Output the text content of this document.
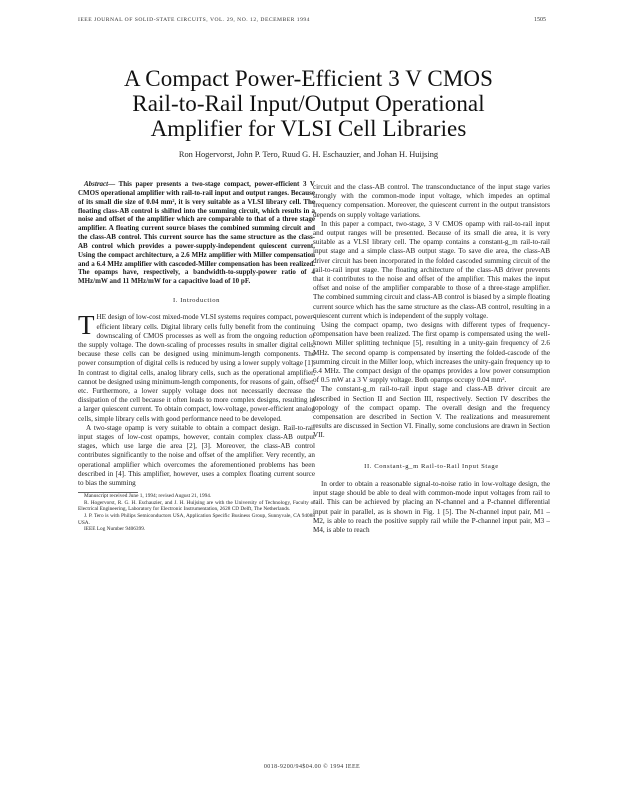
IEEE JOURNAL OF SOLID-STATE CIRCUITS, VOL. 29, NO. 12, DECEMBER 1994	1505
A Compact Power-Efficient 3 V CMOS
Rail-to-Rail Input/Output Operational
Amplifier for VLSI Cell Libraries
Ron Hogervorst, John P. Tero, Ruud G. H. Eschauzier, and Johan H. Huijsing

Abstract— This paper presents a two-stage compact, power-efficient 3 V CMOS operational amplifier with rail-to-rail input and output ranges. Because of its small die size of 0.04 mm², it is very suitable as a VLSI library cell. The floating class-AB control is shifted into the summing circuit, which results in a noise and offset of the amplifier which are comparable to that of a three stage amplifier. A floating current source biases the combined summing circuit and the class-AB control. This current source has the same structure as the class-AB control which provides a power-supply-independent quiescent current. Using the compact architecture, a 2.6 MHz amplifier with Miller compensation and a 6.4 MHz amplifier with cascoded-Miller compensation has been realized. The opamps have, respectively, a bandwidth-to-supply-power ratio of 4 MHz/mW and 11 MHz/mW for a capacitive load of 10 pF.

I. Introduction

THE design of low-cost mixed-mode VLSI systems requires compact, power-efficient library cells. Digital library cells fully benefit from the continuing downscaling of CMOS processes as well as from the ongoing reduction of the supply voltage. The down-scaling of processes results in smaller digital cells, because these cells can be designed using minimum-length components. The power consumption of digital cells is reduced by using a lower supply voltage [1]. In contrast to digital cells, analog library cells, such as the operational amplifier, cannot be designed using minimum-length components, for reasons of gain, offset, etc. Furthermore, a lower supply voltage does not necessarily decrease the dissipation of the cell because it often leads to more complex designs, resulting in a larger quiescent current. To obtain compact, low-voltage, power-efficient analog cells, simple library cells with good performance need to be developed.

A two-stage opamp is very suitable to obtain a compact design. Rail-to-rail input stages of low-cost opamps, however, contain complex class-AB output stages, which use large die area [2], [3]. Moreover, the class-AB control contributes significantly to the noise and offset of the amplifier. Very recently, an operational amplifier which overcomes the aforementioned problems has been described in [4]. This amplifier, however, uses a complex floating current source to bias the summing

Manuscript received June 1, 1994; revised August 21, 1994.

R. Hogervorst, R. G. H. Eschauzier, and J. H. Huijsing are with the University of Technology, Faculty of Electrical Engineering, Laboratory for Electronic Instrumentation, 2628 CD Delft, The Netherlands.

J. P. Tero is with Philips Semiconductors USA, Application Specific Business Group, Sunnyvale, CA 94088 USA.

IEEE Log Number 9406399.

circuit and the class-AB control. The transconductance of the input stage varies strongly with the common-mode input voltage, which impedes an optimal frequency compensation. Moreover, the quiescent current in the output transistors depends on supply voltage variations.

In this paper a compact, two-stage, 3 V CMOS opamp with rail-to-rail input and output ranges will be presented. Because of its small die area, it is very suitable as a VLSI library cell. The opamp contains a constant-g_m rail-to-rail input stage and a simple class-AB output stage. To save die area, the class-AB driver circuit has been incorporated in the folded cascoded summing circuit of the rail-to-rail input stage. The floating architecture of the class-AB driver prevents that it contributes to the noise and offset of the amplifier. This makes the input offset and noise of the amplifier comparable to those of a three-stage amplifier. The combined summing circuit and class-AB control is biased by a simple floating current source which has the same structure as the class-AB control, resulting in a quiescent current which is independent of the supply voltage.

Using the compact opamp, two designs with different types of frequency-compensation have been realized. The first opamp is compensated using the well-known Miller splitting technique [5], resulting in a unity-gain frequency of 2.6 MHz. The second opamp is compensated by inserting the folded-cascode of the summing circuit in the Miller loop, which increases the unity-gain frequency up to 6.4 MHz. The compact design of the opamps provides a low power consumption of 0.5 mW at a 3 V supply voltage. Both opamps occupy 0.04 mm².

The constant-g_m rail-to-rail input stage and class-AB driver circuit are described in Section II and Section III, respectively. Section IV describes the topology of the compact opamp. The overall design and the frequency compensation are described in Section V. The realizations and measurement results are discussed in Section VI. Finally, some conclusions are drawn in Section VII.

II. Constant-g_m Rail-to-Rail Input Stage

In order to obtain a reasonable signal-to-noise ratio in low-voltage design, the input stage should be able to deal with common-mode input voltages from rail to rail. This can be achieved by placing an N-channel and a P-channel differential input pair in parallel, as is shown in Fig. 1 [5]. The N-channel input pair, M1 – M2, is able to reach the positive supply rail while the P-channel input pair, M3 – M4, is able to reach

0018-9200/94$04.00 © 1994 IEEE
